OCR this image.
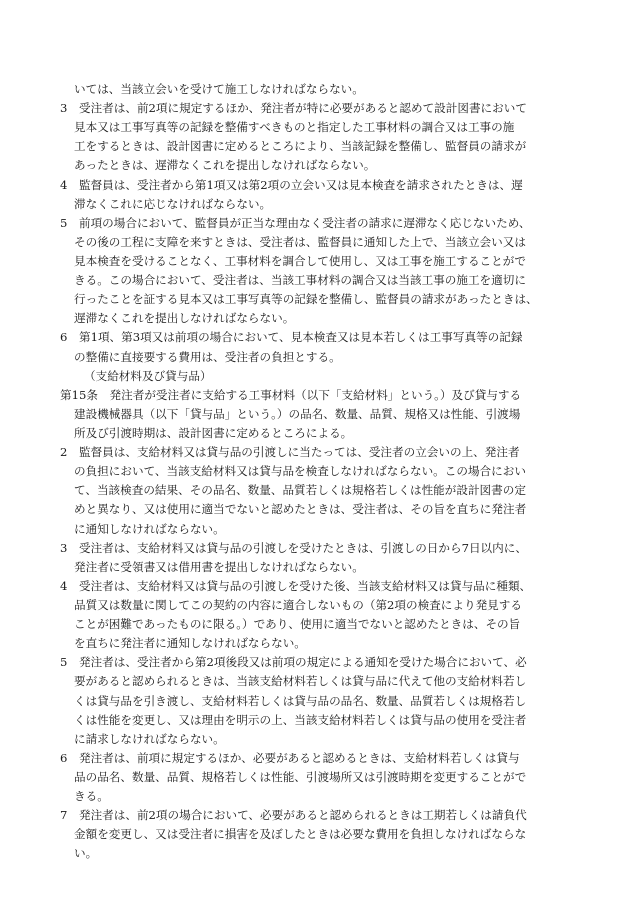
いては、当該立会いを受けて施工しなければならない。
3　受注者は、前2項に規定するほか、発注者が特に必要があると認めて設計図書において
見本又は工事写真等の記録を整備すべきものと指定した工事材料の調合又は工事の施
工をするときは、設計図書に定めるところにより、当該記録を整備し、監督員の請求が
あったときは、遅滞なくこれを提出しなければならない。
4　監督員は、受注者から第1項又は第2項の立会い又は見本検査を請求されたときは、遅
滞なくこれに応じなければならない。
5　前項の場合において、監督員が正当な理由なく受注者の請求に遅滞なく応じないため、
その後の工程に支障を来すときは、受注者は、監督員に通知した上で、当該立会い又は
見本検査を受けることなく、工事材料を調合して使用し、又は工事を施工することがで
きる。この場合において、受注者は、当該工事材料の調合又は当該工事の施工を適切に
行ったことを証する見本又は工事写真等の記録を整備し、監督員の請求があったときは、
遅滞なくこれを提出しなければならない。
6　第1項、第3項又は前項の場合において、見本検査又は見本若しくは工事写真等の記録
の整備に直接要する費用は、受注者の負担とする。
（支給材料及び貸与品）
第15条　発注者が受注者に支給する工事材料（以下「支給材料」という。）及び貸与する
建設機械器具（以下「貸与品」という。）の品名、数量、品質、規格又は性能、引渡場
所及び引渡時期は、設計図書に定めるところによる。
2　監督員は、支給材料又は貸与品の引渡しに当たっては、受注者の立会いの上、発注者
の負担において、当該支給材料又は貸与品を検査しなければならない。この場合におい
て、当該検査の結果、その品名、数量、品質若しくは規格若しくは性能が設計図書の定
めと異なり、又は使用に適当でないと認めたときは、受注者は、その旨を直ちに発注者
に通知しなければならない。
3　受注者は、支給材料又は貸与品の引渡しを受けたときは、引渡しの日から7日以内に、
発注者に受領書又は借用書を提出しなければならない。
4　受注者は、支給材料又は貸与品の引渡しを受けた後、当該支給材料又は貸与品に種類、
品質又は数量に関してこの契約の内容に適合しないもの（第2項の検査により発見する
ことが困難であったものに限る。）であり、使用に適当でないと認めたときは、その旨
を直ちに発注者に通知しなければならない。
5　発注者は、受注者から第2項後段又は前項の規定による通知を受けた場合において、必
要があると認められるときは、当該支給材料若しくは貸与品に代えて他の支給材料若し
くは貸与品を引き渡し、支給材料若しくは貸与品の品名、数量、品質若しくは規格若し
くは性能を変更し、又は理由を明示の上、当該支給材料若しくは貸与品の使用を受注者
に請求しなければならない。
6　発注者は、前項に規定するほか、必要があると認めるときは、支給材料若しくは貸与
品の品名、数量、品質、規格若しくは性能、引渡場所又は引渡時期を変更することがで
きる。
7　発注者は、前2項の場合において、必要があると認められるときは工期若しくは請負代
金額を変更し、又は受注者に損害を及ぼしたときは必要な費用を負担しなければならな
い。
